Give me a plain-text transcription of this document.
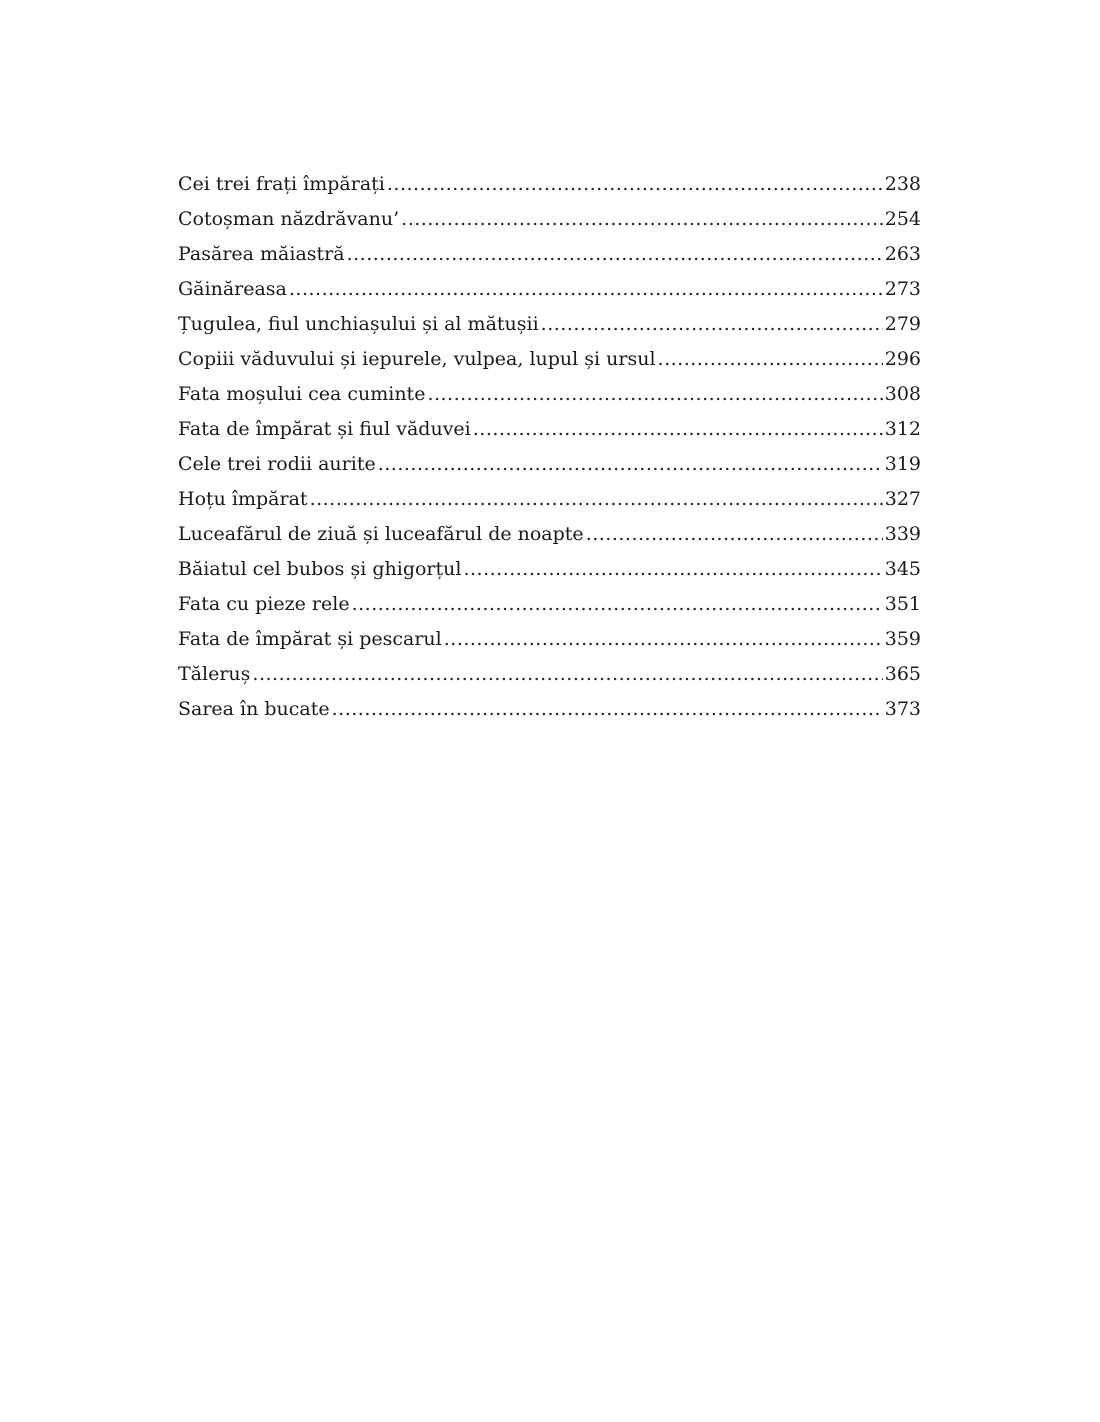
Cei trei frați împărați .....	238
Cotoșman năzdrăvanu’ .....	254
Pasărea măiastră .....	263
Găinăreasa .....	273
Țugulea, fiul unchiașului și al mătușii .....	279
Copiii văduvului și iepurele, vulpea, lupul și ursul .....	296
Fata moșului cea cuminte .....	308
Fata de împărat și fiul văduvei .....	312
Cele trei rodii aurite .....	319
Hoțu împărat .....	327
Luceafărul de ziuă și luceafărul de noapte .....	339
Băiatul cel bubos și ghigorțul .....	345
Fata cu pieze rele .....	351
Fata de împărat și pescarul .....	359
Tăleruș .....	365
Sarea în bucate .....	373
